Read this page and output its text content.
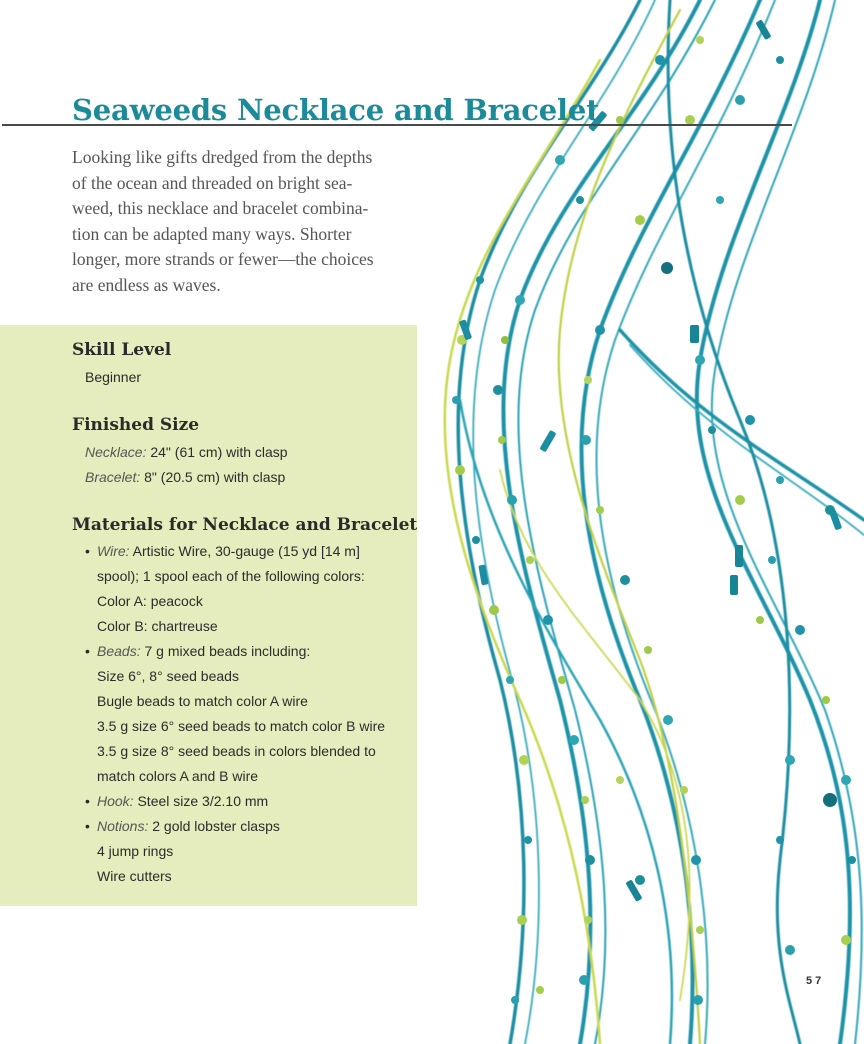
Seaweeds Necklace and Bracelet

Looking like gifts dredged from the depths
of the ocean and threaded on bright sea-
weed, this necklace and bracelet combina-
tion can be adapted many ways. Shorter
longer, more strands or fewer—the choices
are endless as waves.

Skill Level
Beginner
Finished Size
Necklace: 24" (61 cm) with clasp
Bracelet: 8" (20.5 cm) with clasp
Materials for Necklace and Bracelet
• Wire: Artistic Wire, 30-gauge (15 yd [14 m]
spool); 1 spool each of the following colors:
Color A: peacock
Color B: chartreuse
• Beads: 7 g mixed beads including:
Size 6°, 8° seed beads
Bugle beads to match color A wire
3.5 g size 6° seed beads to match color B wire
3.5 g size 8° seed beads in colors blended to
match colors A and B wire
• Hook: Steel size 3/2.10 mm
• Notions: 2 gold lobster clasps
4 jump rings
Wire cutters
5 7
